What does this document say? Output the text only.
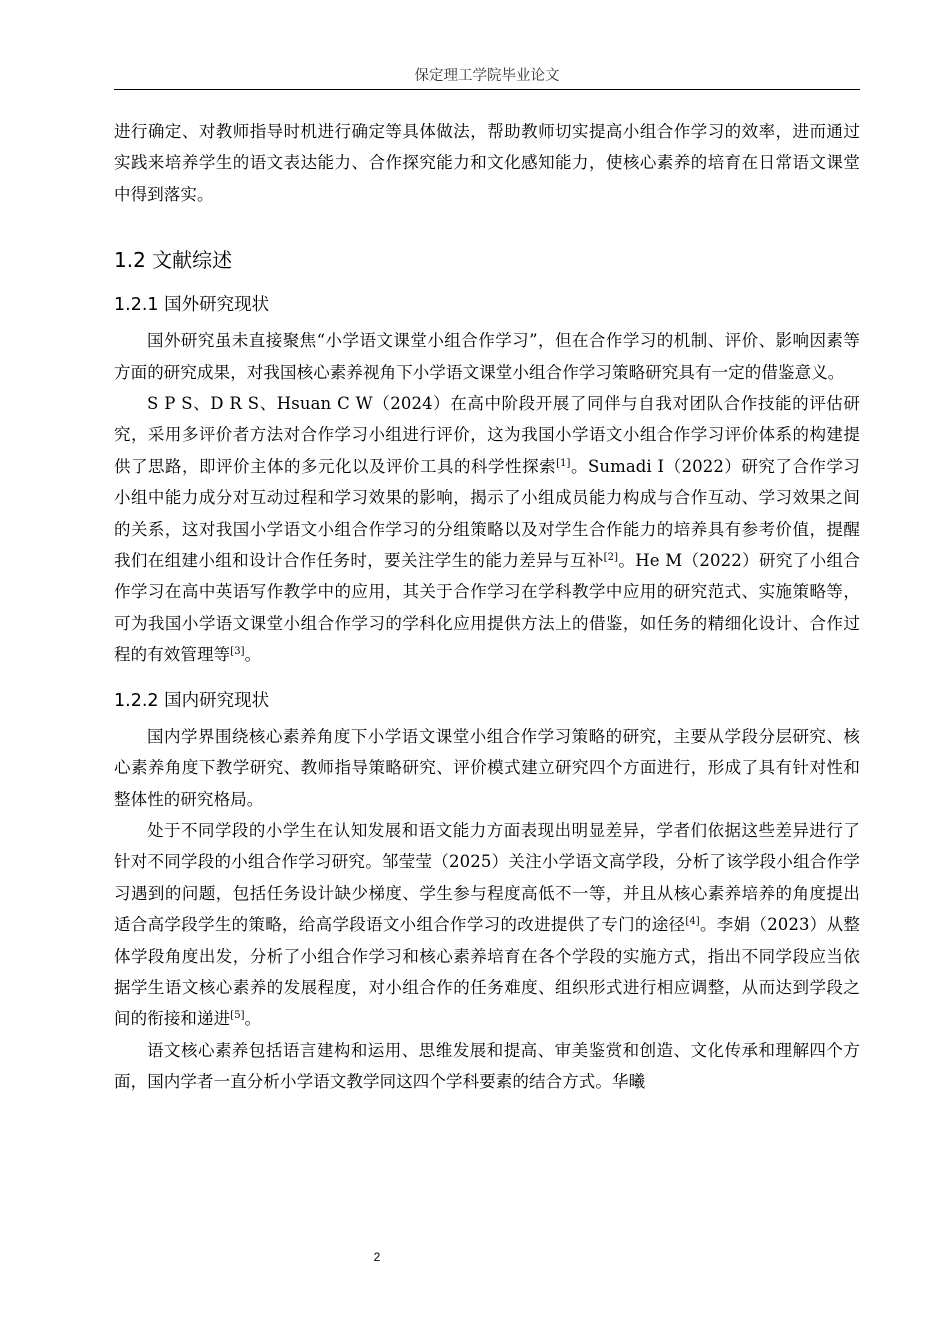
保定理工学院毕业论文

进行确定、对教师指导时机进行确定等具体做法，帮助教师切实提高小组合作学习的效率，进而通过实践来培养学生的语文表达能力、合作探究能力和文化感知能力，使核心素养的培育在日常语文课堂中得到落实。

1.2 文献综述
1.2.1 国外研究现状

国外研究虽未直接聚焦“小学语文课堂小组合作学习”，但在合作学习的机制、评价、影响因素等方面的研究成果，对我国核心素养视角下小学语文课堂小组合作学习策略研究具有一定的借鉴意义。

S P S、D R S、Hsuan C W（2024）在高中阶段开展了同伴与自我对团队合作技能的评估研究，采用多评价者方法对合作学习小组进行评价，这为我国小学语文小组合作学习评价体系的构建提供了思路，即评价主体的多元化以及评价工具的科学性探索[1]。Sumadi I（2022）研究了合作学习小组中能力成分对互动过程和学习效果的影响，揭示了小组成员能力构成与合作互动、学习效果之间的关系，这对我国小学语文小组合作学习的分组策略以及对学生合作能力的培养具有参考价值，提醒我们在组建小组和设计合作任务时，要关注学生的能力差异与互补[2]。He M（2022）研究了小组合作学习在高中英语写作教学中的应用，其关于合作学习在学科教学中应用的研究范式、实施策略等，可为我国小学语文课堂小组合作学习的学科化应用提供方法上的借鉴，如任务的精细化设计、合作过程的有效管理等[3]。

1.2.2 国内研究现状

国内学界围绕核心素养角度下小学语文课堂小组合作学习策略的研究，主要从学段分层研究、核心素养角度下教学研究、教师指导策略研究、评价模式建立研究四个方面进行，形成了具有针对性和整体性的研究格局。

处于不同学段的小学生在认知发展和语文能力方面表现出明显差异，学者们依据这些差异进行了针对不同学段的小组合作学习研究。邹莹莹（2025）关注小学语文高学段，分析了该学段小组合作学习遇到的问题，包括任务设计缺少梯度、学生参与程度高低不一等，并且从核心素养培养的角度提出适合高学段学生的策略，给高学段语文小组合作学习的改进提供了专门的途径[4]。李娟（2023）从整体学段角度出发，分析了小组合作学习和核心素养培育在各个学段的实施方式，指出不同学段应当依据学生语文核心素养的发展程度，对小组合作的任务难度、组织形式进行相应调整，从而达到学段之间的衔接和递进[5]。

语文核心素养包括语言建构和运用、思维发展和提高、审美鉴赏和创造、文化传承和理解四个方面，国内学者一直分析小学语文教学同这四个学科要素的结合方式。华曦

2
